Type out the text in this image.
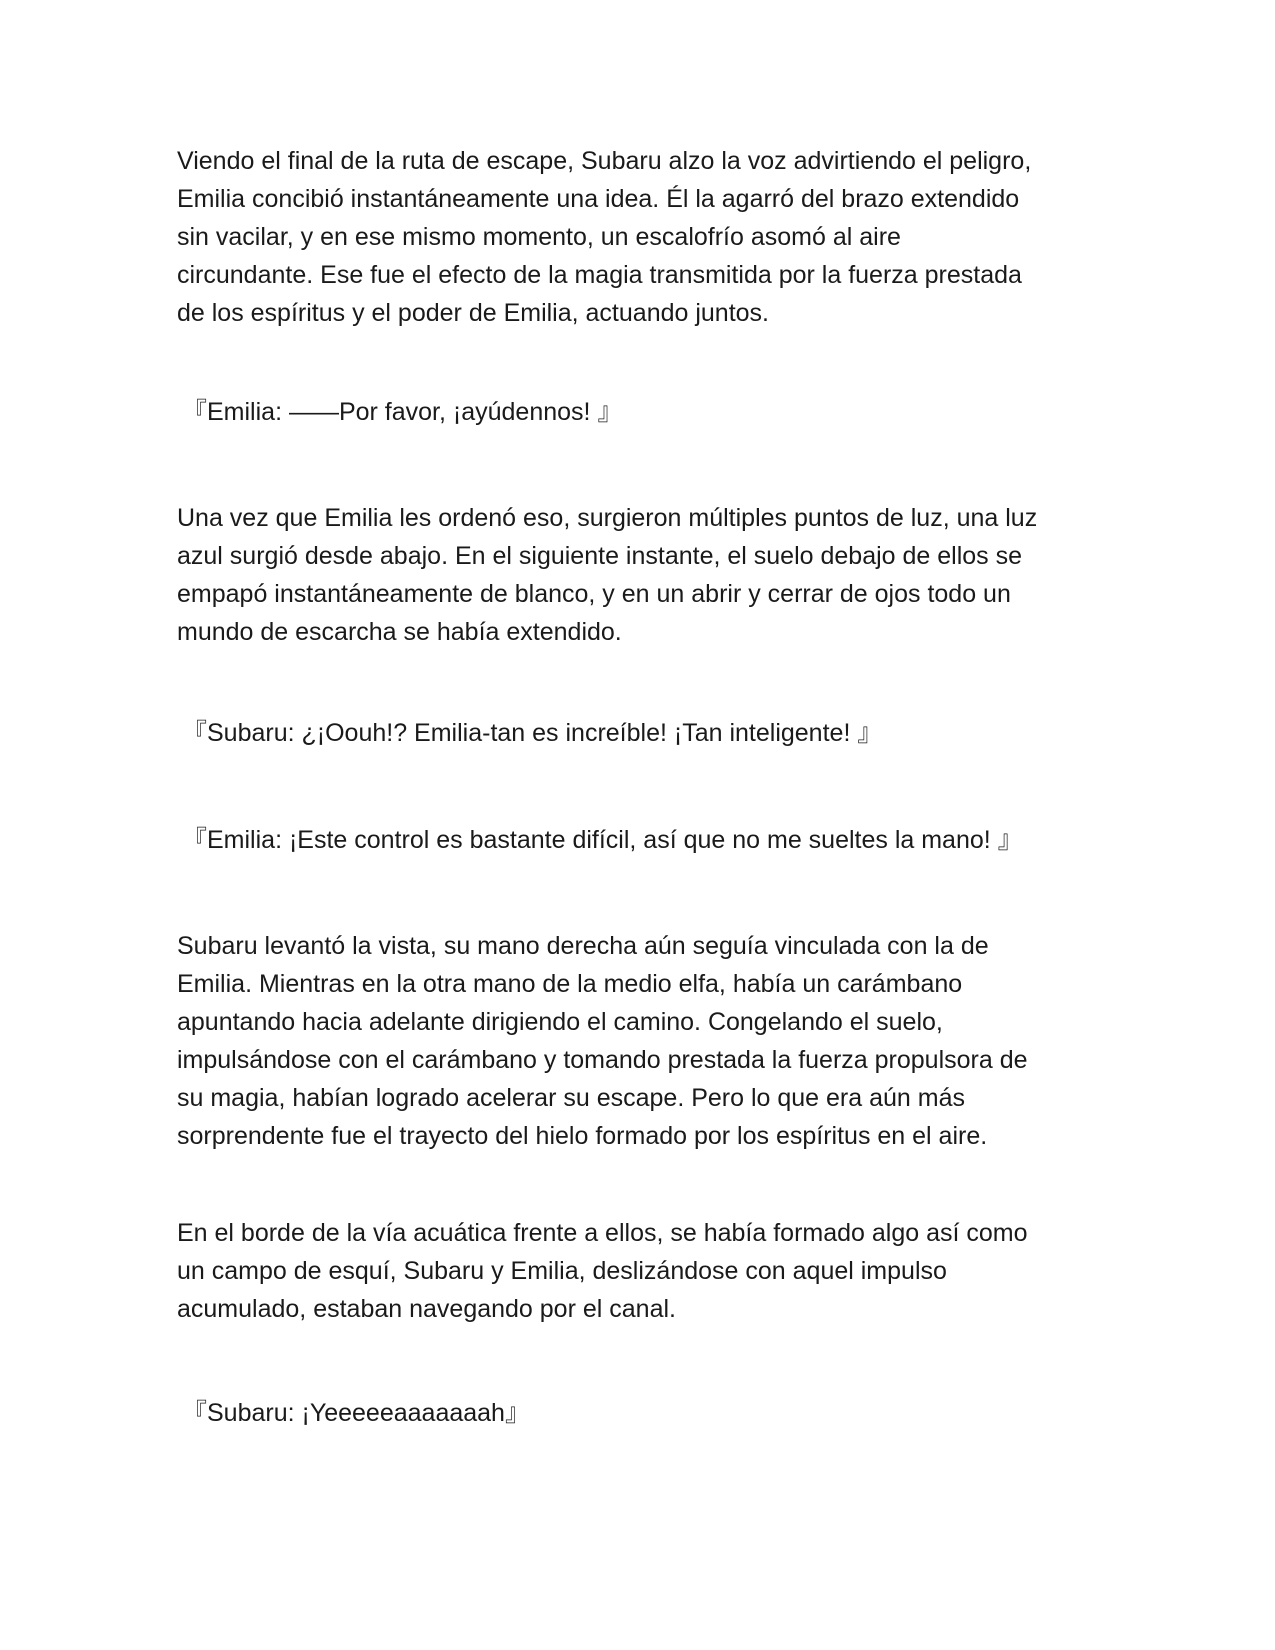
Viendo el final de la ruta de escape, Subaru alzo la voz advirtiendo el peligro,
Emilia concibió instantáneamente una idea. Él la agarró del brazo extendido
sin vacilar, y en ese mismo momento, un escalofrío asomó al aire
circundante. Ese fue el efecto de la magia transmitida por la fuerza prestada
de los espíritus y el poder de Emilia, actuando juntos.

『Emilia: ——Por favor, ¡ayúdennos! 』

Una vez que Emilia les ordenó eso, surgieron múltiples puntos de luz, una luz
azul surgió desde abajo. En el siguiente instante, el suelo debajo de ellos se
empapó instantáneamente de blanco, y en un abrir y cerrar de ojos todo un
mundo de escarcha se había extendido.

『Subaru: ¿¡Oouh!? Emilia-tan es increíble! ¡Tan inteligente! 』

『Emilia: ¡Este control es bastante difícil, así que no me sueltes la mano! 』

Subaru levantó la vista, su mano derecha aún seguía vinculada con la de
Emilia. Mientras en la otra mano de la medio elfa, había un carámbano
apuntando hacia adelante dirigiendo el camino. Congelando el suelo,
impulsándose con el carámbano y tomando prestada la fuerza propulsora de
su magia, habían logrado acelerar su escape. Pero lo que era aún más
sorprendente fue el trayecto del hielo formado por los espíritus en el aire.

En el borde de la vía acuática frente a ellos, se había formado algo así como
un campo de esquí, Subaru y Emilia, deslizándose con aquel impulso
acumulado, estaban navegando por el canal.

『Subaru: ¡Yeeeeeaaaaaaah』
